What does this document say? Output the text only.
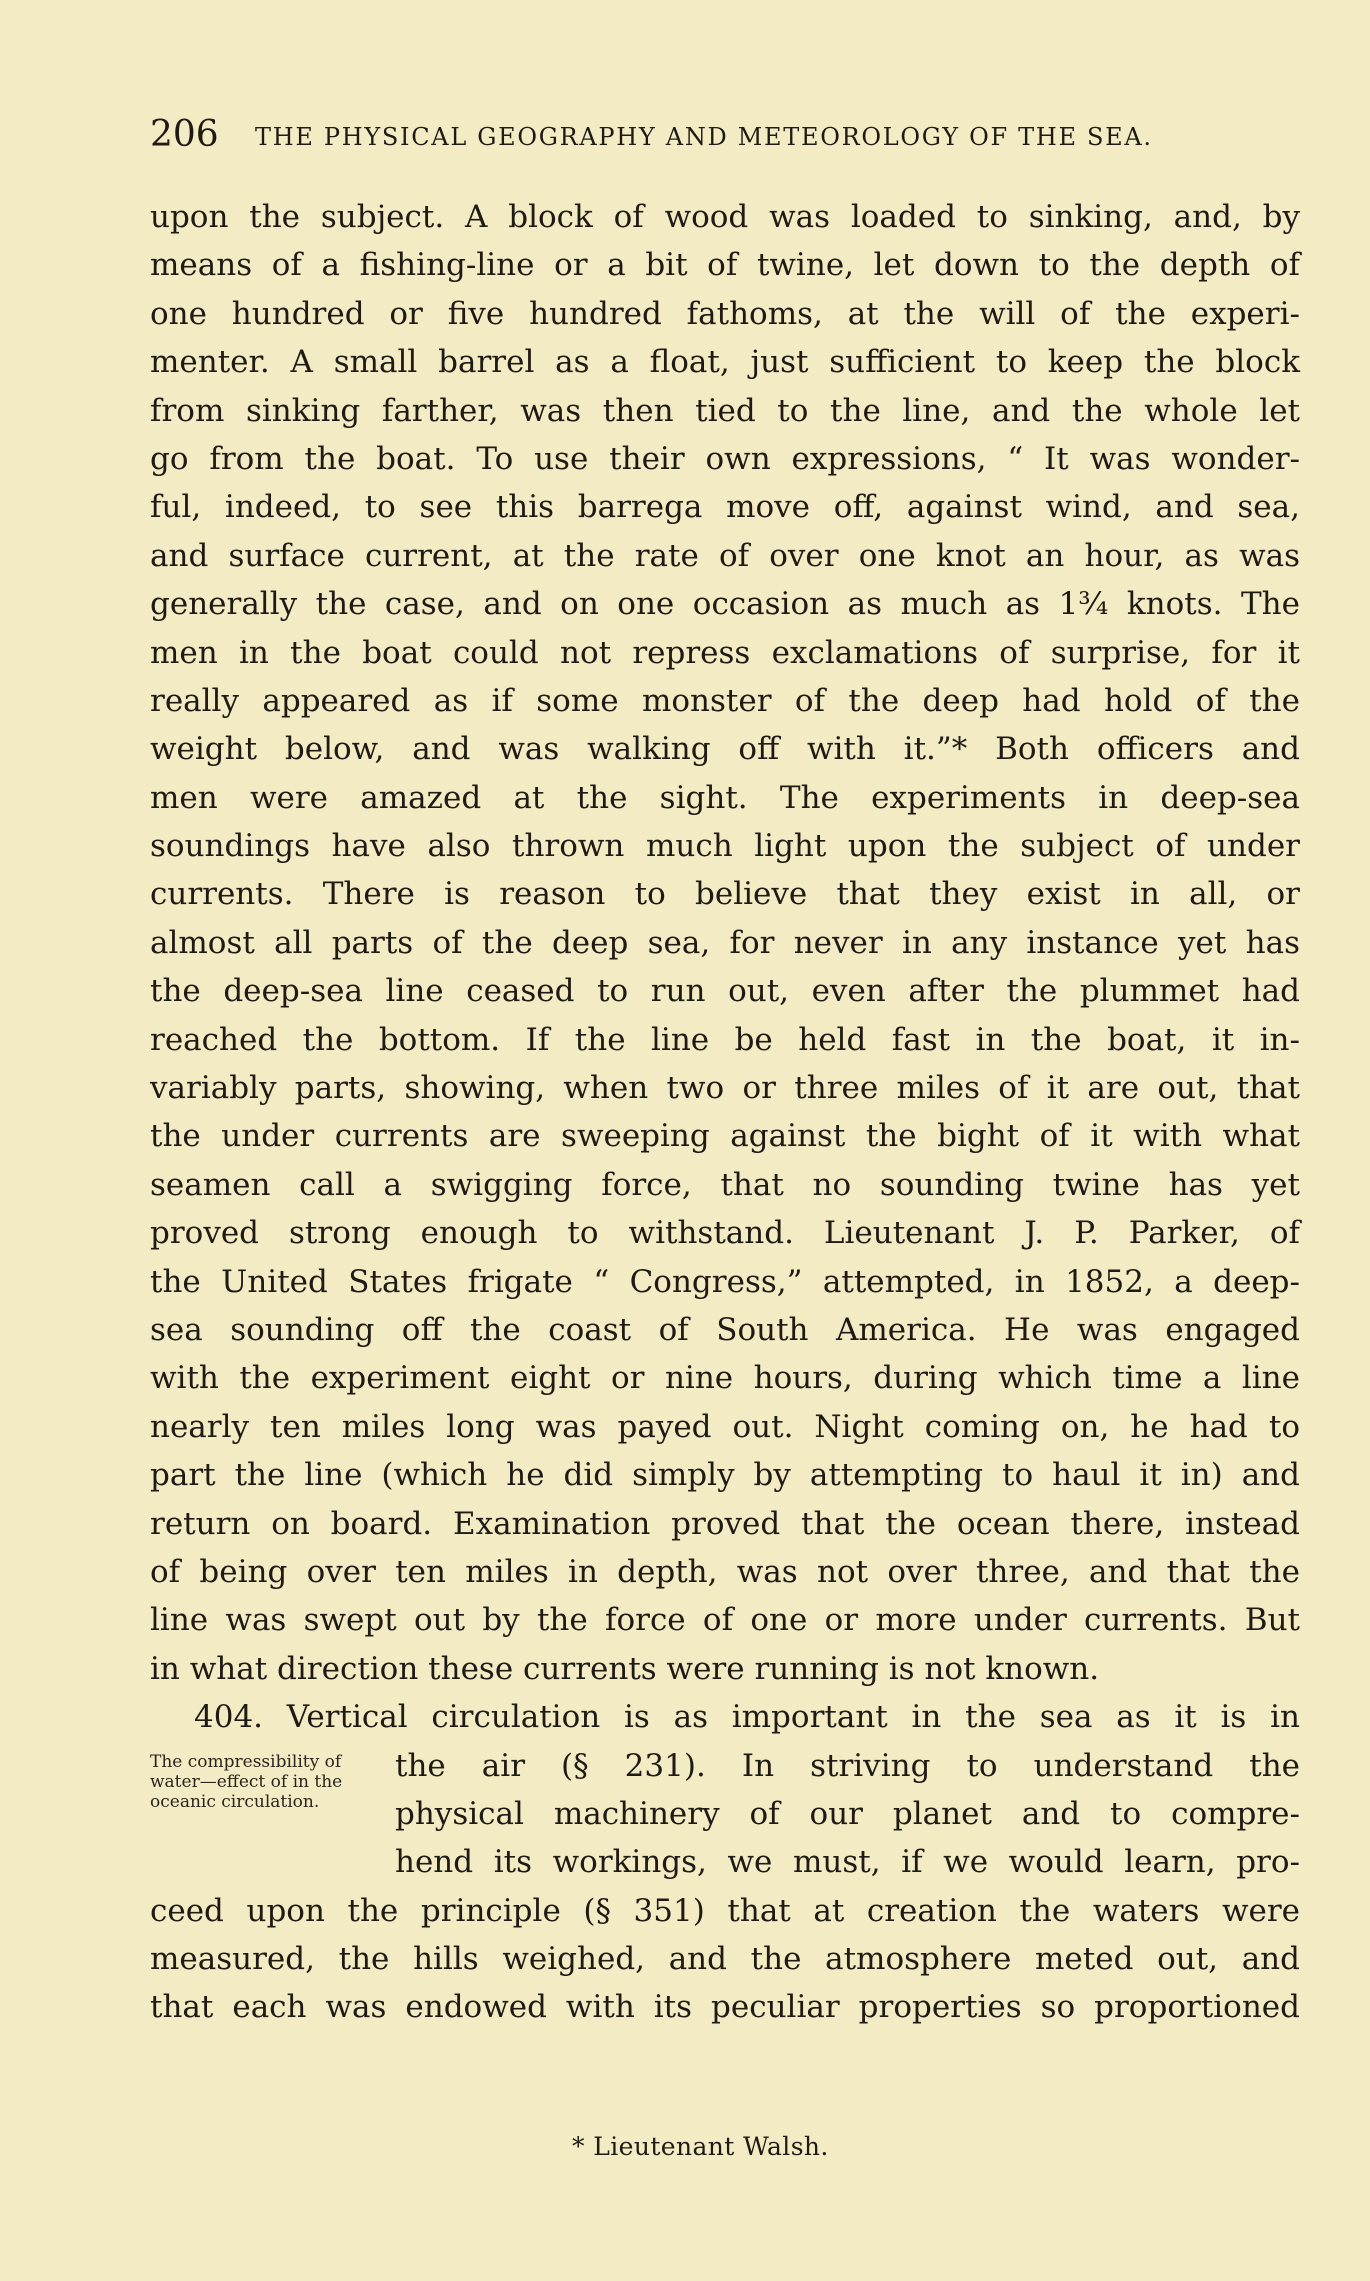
206 THE PHYSICAL GEOGRAPHY AND METEOROLOGY OF THE SEA.
upon the subject. A block of wood was loaded to sinking, and, by
means of a fishing-line or a bit of twine, let down to the depth of
one hundred or five hundred fathoms, at the will of the experi-
menter. A small barrel as a float, just sufficient to keep the block
from sinking farther, was then tied to the line, and the whole let
go from the boat. To use their own expressions, “ It was wonder-
ful, indeed, to see this barrega move off, against wind, and sea,
and surface current, at the rate of over one knot an hour, as was
generally the case, and on one occasion as much as 1¾ knots. The
men in the boat could not repress exclamations of surprise, for it
really appeared as if some monster of the deep had hold of the
weight below, and was walking off with it.”* Both officers and
men were amazed at the sight. The experiments in deep-sea
soundings have also thrown much light upon the subject of under
currents. There is reason to believe that they exist in all, or
almost all parts of the deep sea, for never in any instance yet has
the deep-sea line ceased to run out, even after the plummet had
reached the bottom. If the line be held fast in the boat, it in-
variably parts, showing, when two or three miles of it are out, that
the under currents are sweeping against the bight of it with what
seamen call a swigging force, that no sounding twine has yet
proved strong enough to withstand. Lieutenant J. P. Parker, of
the United States frigate “ Congress,” attempted, in 1852, a deep-
sea sounding off the coast of South America. He was engaged
with the experiment eight or nine hours, during which time a line
nearly ten miles long was payed out. Night coming on, he had to
part the line (which he did simply by attempting to haul it in) and
return on board. Examination proved that the ocean there, instead
of being over ten miles in depth, was not over three, and that the
line was swept out by the force of one or more under currents. But
in what direction these currents were running is not known.
404. Vertical circulation is as important in the sea as it is in
The compressibility of water—effect of in the oceanic circulation.
the air (§ 231). In striving to understand the
physical machinery of our planet and to compre-
hend its workings, we must, if we would learn, pro-
ceed upon the principle (§ 351) that at creation the waters were
measured, the hills weighed, and the atmosphere meted out, and
that each was endowed with its peculiar properties so proportioned
* Lieutenant Walsh.
